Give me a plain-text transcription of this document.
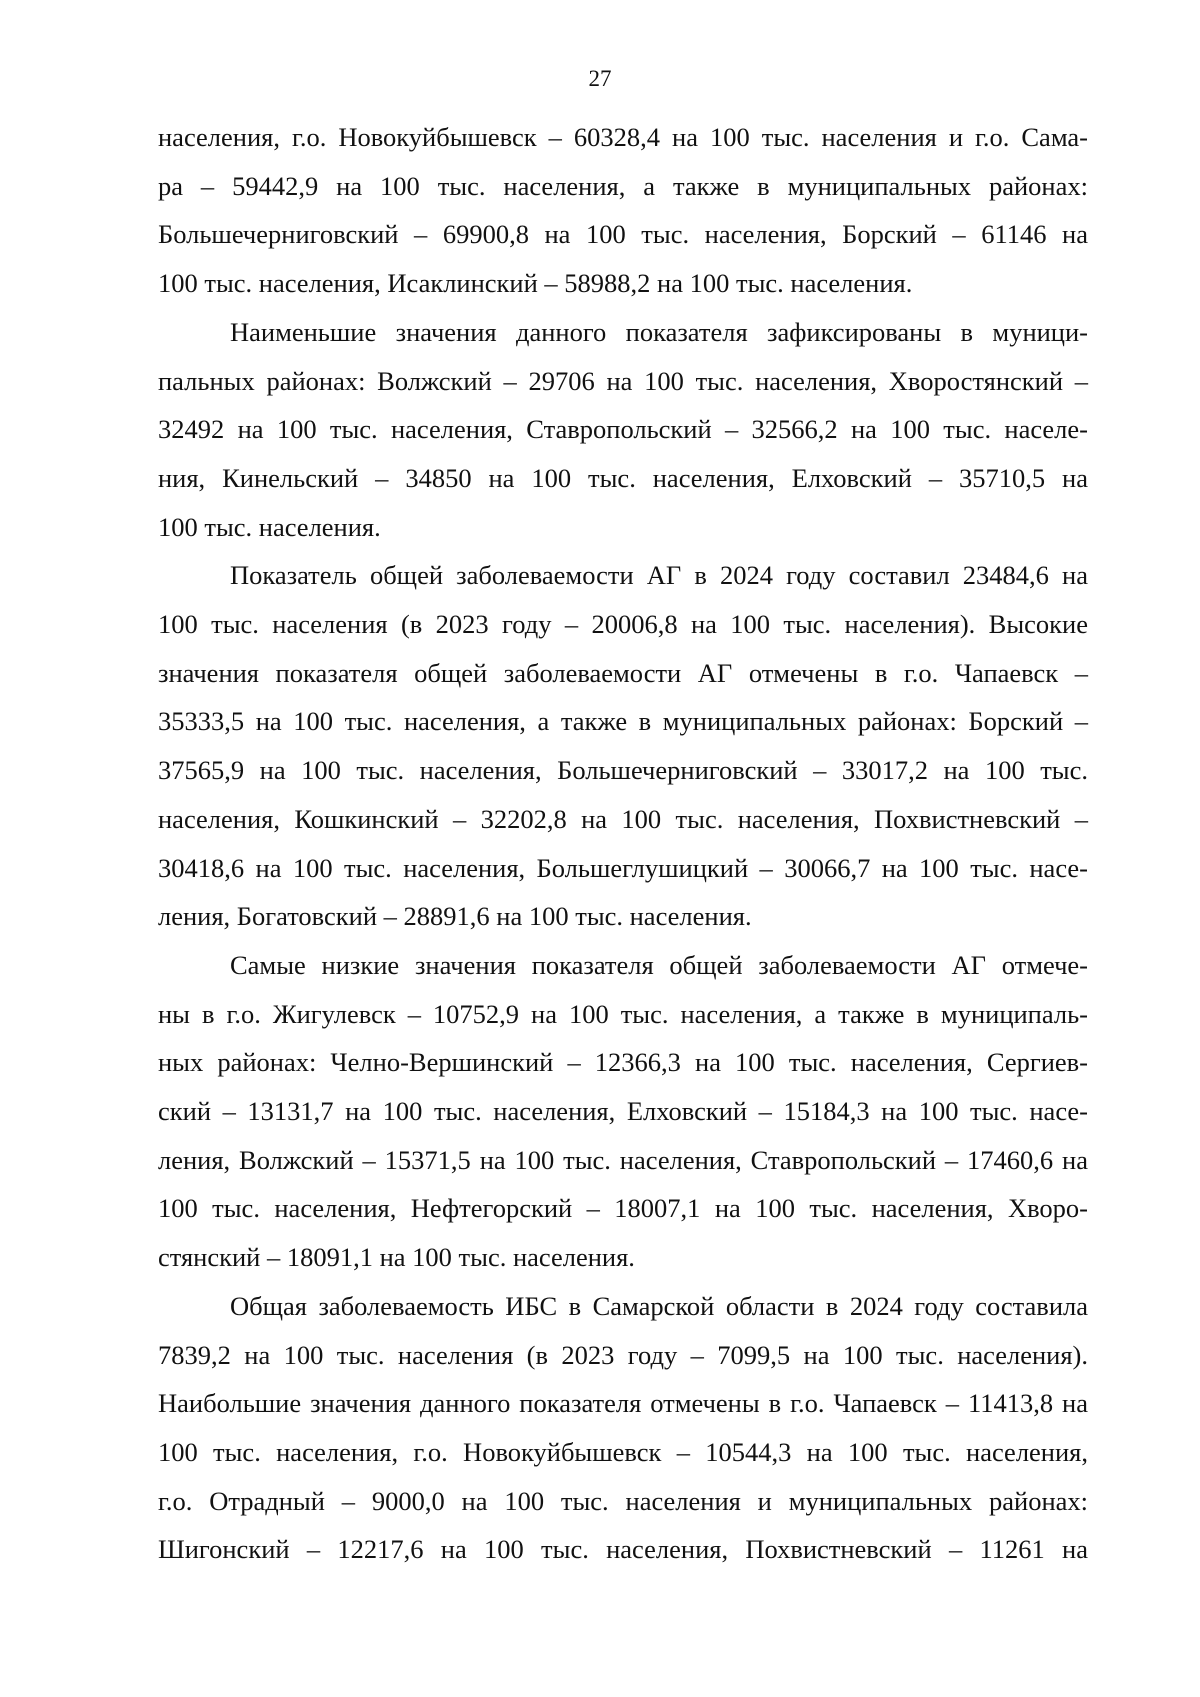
27
населения, г.о. Новокуйбышевск – 60328,4 на 100 тыс. населения и г.о. Сама-
ра – 59442,9 на 100 тыс. населения, а также в муниципальных районах:
Большечерниговский – 69900,8 на 100 тыс. населения, Борский – 61146 на
100 тыс. населения, Исаклинский – 58988,2 на 100 тыс. населения.
Наименьшие значения данного показателя зафиксированы в муници-
пальных районах: Волжский – 29706 на 100 тыс. населения, Хворостянский –
32492 на 100 тыс. населения, Ставропольский – 32566,2 на 100 тыс. населе-
ния, Кинельский – 34850 на 100 тыс. населения, Елховский – 35710,5 на
100 тыс. населения.
Показатель общей заболеваемости АГ в 2024 году составил 23484,6 на
100 тыс. населения (в 2023 году – 20006,8 на 100 тыс. населения). Высокие
значения показателя общей заболеваемости АГ отмечены в г.о. Чапаевск –
35333,5 на 100 тыс. населения, а также в муниципальных районах: Борский –
37565,9 на 100 тыс. населения, Большечерниговский – 33017,2 на 100 тыс.
населения, Кошкинский – 32202,8 на 100 тыс. населения, Похвистневский –
30418,6 на 100 тыс. населения, Большеглушицкий – 30066,7 на 100 тыс. насе-
ления, Богатовский – 28891,6 на 100 тыс. населения.
Самые низкие значения показателя общей заболеваемости АГ отмече-
ны в г.о. Жигулевск – 10752,9 на 100 тыс. населения, а также в муниципаль-
ных районах: Челно-Вершинский – 12366,3 на 100 тыс. населения, Сергиев-
ский – 13131,7 на 100 тыс. населения, Елховский – 15184,3 на 100 тыс. насе-
ления, Волжский – 15371,5 на 100 тыс. населения, Ставропольский – 17460,6 на
100 тыс. населения, Нефтегорский – 18007,1 на 100 тыс. населения, Хворо-
стянский – 18091,1 на 100 тыс. населения.
Общая заболеваемость ИБС в Самарской области в 2024 году составила
7839,2 на 100 тыс. населения (в 2023 году – 7099,5 на 100 тыс. населения).
Наибольшие значения данного показателя отмечены в г.о. Чапаевск – 11413,8 на
100 тыс. населения, г.о. Новокуйбышевск – 10544,3 на 100 тыс. населения,
г.о. Отрадный – 9000,0 на 100 тыс. населения и муниципальных районах:
Шигонский – 12217,6 на 100 тыс. населения, Похвистневский – 11261 на
